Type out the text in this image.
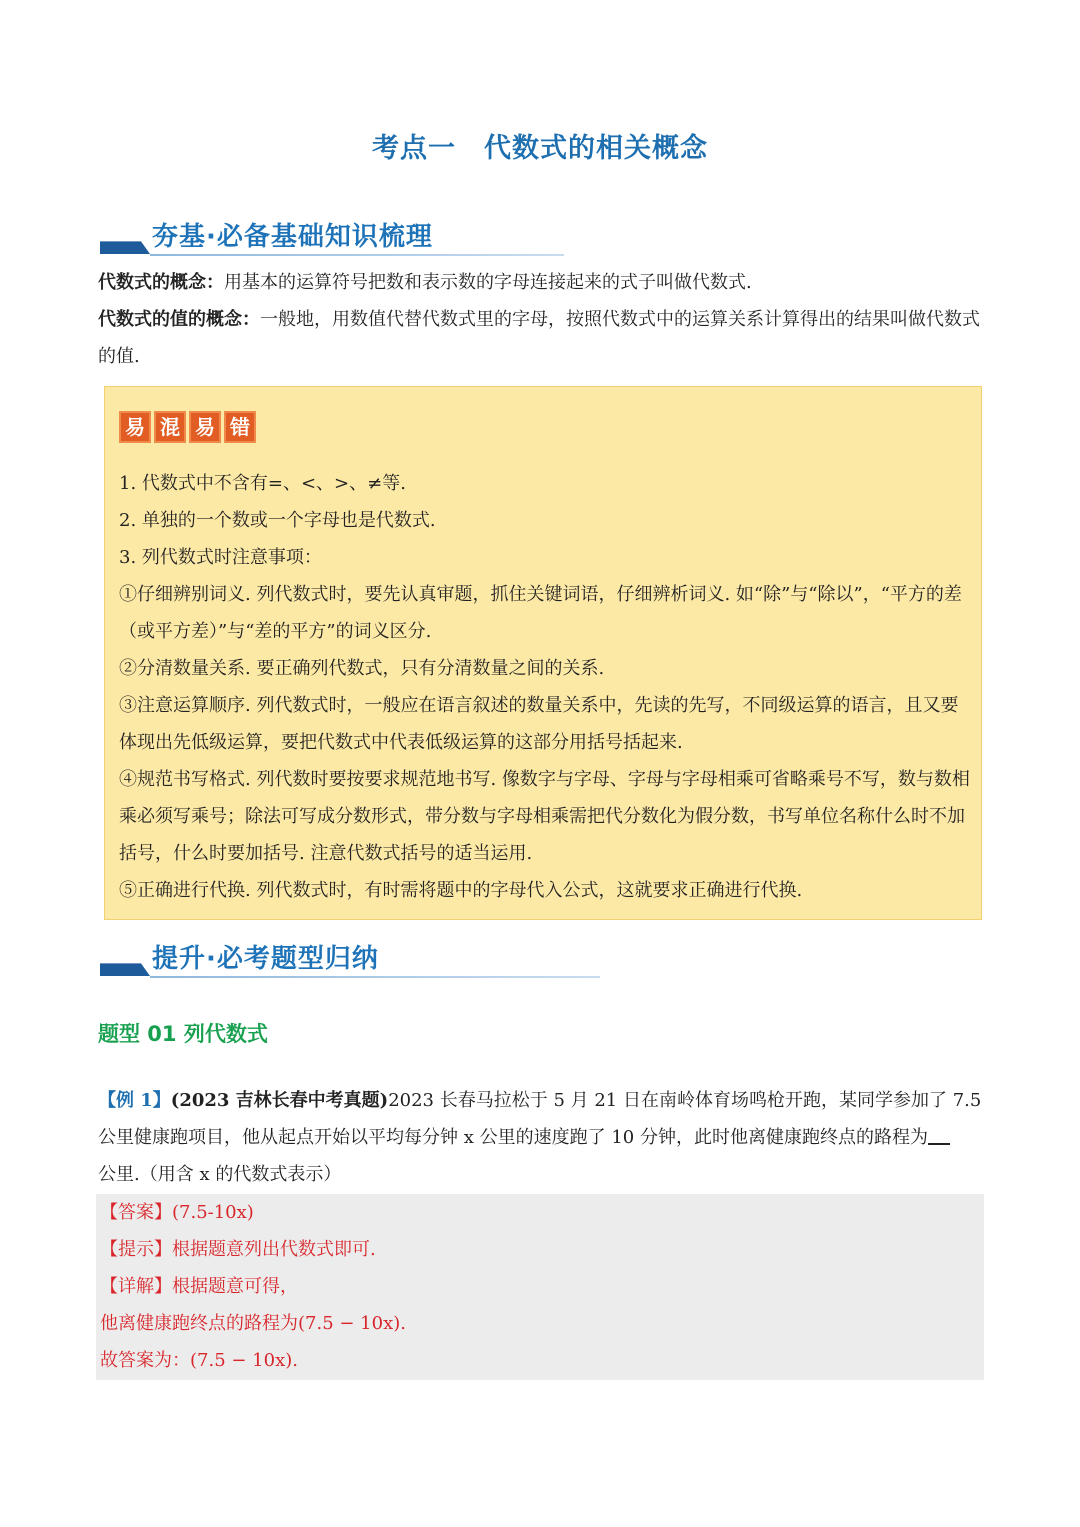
考点一 代数式的相关概念
夯基·必备基础知识梳理
代数式的概念：用基本的运算符号把数和表示数的字母连接起来的式子叫做代数式.
代数式的值的概念：一般地，用数值代替代数式里的字母，按照代数式中的运算关系计算得出的结果叫做代数式的值.
易 混 易 错
1. 代数式中不含有=、<、>、≠等.
2. 单独的一个数或一个字母也是代数式.
3. 列代数式时注意事项：
①仔细辨别词义. 列代数式时，要先认真审题，抓住关键词语，仔细辨析词义. 如“除”与“除以”，“平方的差（或平方差）”与“差的平方”的词义区分.
②分清数量关系. 要正确列代数式，只有分清数量之间的关系.
③注意运算顺序. 列代数式时，一般应在语言叙述的数量关系中，先读的先写，不同级运算的语言，且又要体现出先低级运算，要把代数式中代表低级运算的这部分用括号括起来.
④规范书写格式. 列代数时要按要求规范地书写. 像数字与字母、字母与字母相乘可省略乘号不写，数与数相乘必须写乘号；除法可写成分数形式，带分数与字母相乘需把代分数化为假分数，书写单位名称什么时不加括号，什么时要加括号. 注意代数式括号的适当运用.
⑤正确进行代换. 列代数式时，有时需将题中的字母代入公式，这就要求正确进行代换.
提升·必考题型归纳
题型 01 列代数式
【例 1】(2023 吉林长春中考真题)2023 长春马拉松于 5 月 21 日在南岭体育场鸣枪开跑，某同学参加了 7.5 公里健康跑项目，他从起点开始以平均每分钟 x 公里的速度跑了 10 分钟，此时他离健康跑终点的路程为
公里.（用含 x 的代数式表示）
【答案】(7.5-10x)
【提示】根据题意列出代数式即可.
【详解】根据题意可得，
他离健康跑终点的路程为(7.5 − 10x).
故答案为：(7.5 − 10x).
